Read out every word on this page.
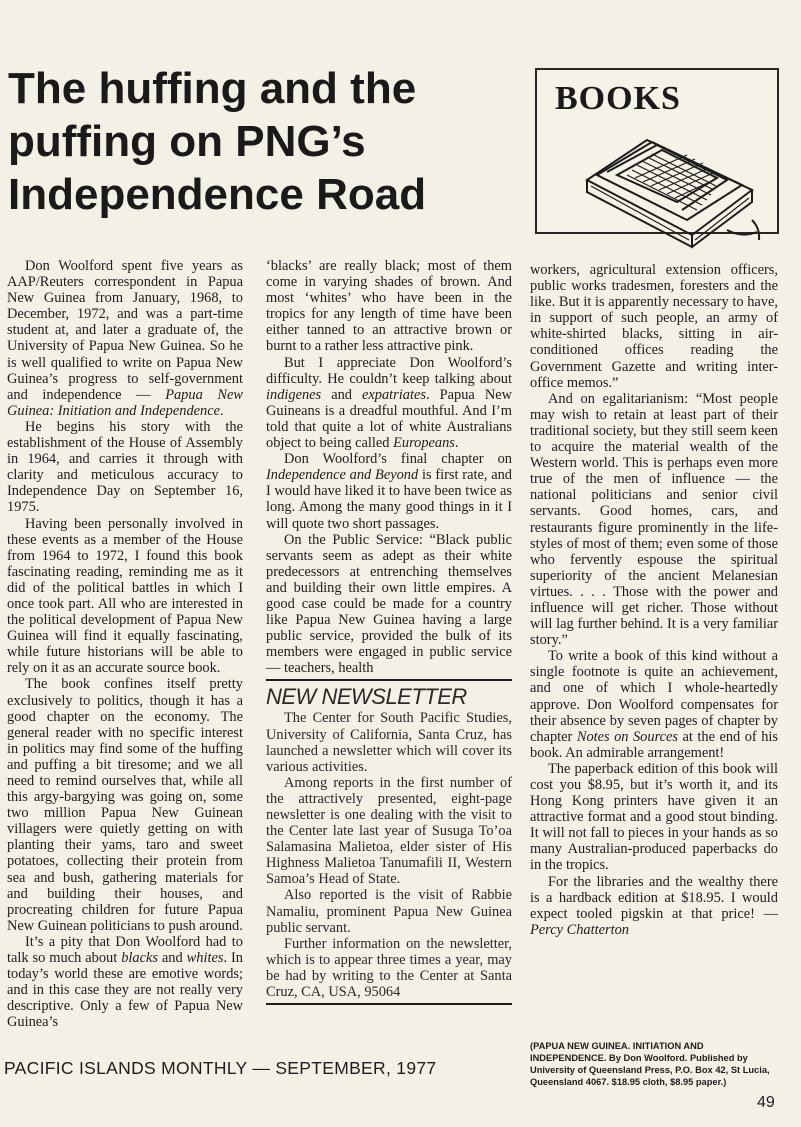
The huffing and the puffing on PNG’s Independence Road
BOOKS

Don Woolford spent five years as AAP/Reuters correspondent in Papua New Guinea from January, 1968, to December, 1972, and was a part-time student at, and later a graduate of, the University of Papua New Guinea. So he is well qualified to write on Papua New Guinea’s progress to self-government and independence — Papua New Guinea: Initiation and Independence.

He begins his story with the establishment of the House of Assembly in 1964, and carries it through with clarity and meticulous accuracy to Independence Day on September 16, 1975.

Having been personally involved in these events as a member of the House from 1964 to 1972, I found this book fascinating reading, reminding me as it did of the political battles in which I once took part. All who are interested in the political development of Papua New Guinea will find it equally fascinating, while future historians will be able to rely on it as an accurate source book.

The book confines itself pretty exclusively to politics, though it has a good chapter on the economy. The general reader with no specific interest in politics may find some of the huffing and puffing a bit tiresome; and we all need to remind ourselves that, while all this argy-bargying was going on, some two million Papua New Guinean villagers were quietly getting on with planting their yams, taro and sweet potatoes, collecting their protein from sea and bush, gathering materials for and building their houses, and procreating children for future Papua New Guinean politicians to push around.

It’s a pity that Don Woolford had to talk so much about blacks and whites. In today’s world these are emotive words; and in this case they are not really very descriptive. Only a few of Papua New Guinea’s

‘blacks’ are really black; most of them come in varying shades of brown. And most ‘whites’ who have been in the tropics for any length of time have been either tanned to an attractive brown or burnt to a rather less attractive pink.

But I appreciate Don Woolford’s difficulty. He couldn’t keep talking about indigenes and expatriates. Papua New Guineans is a dreadful mouthful. And I’m told that quite a lot of white Australians object to being called Europeans.

Don Woolford’s final chapter on Independence and Beyond is first rate, and I would have liked it to have been twice as long. Among the many good things in it I will quote two short passages.

On the Public Service: “Black public servants seem as adept as their white predecessors at entrenching themselves and building their own little empires. A good case could be made for a country like Papua New Guinea having a large public service, provided the bulk of its members were engaged in public service — teachers, health

NEW NEWSLETTER

The Center for South Pacific Studies, University of California, Santa Cruz, has launched a newsletter which will cover its various activities.

Among reports in the first number of the attractively presented, eight-page newsletter is one dealing with the visit to the Center late last year of Susuga To’oa Salamasina Malietoa, elder sister of His Highness Malietoa Tanumafili II, Western Samoa’s Head of State.

Also reported is the visit of Rabbie Namaliu, prominent Papua New Guinea public servant.

Further information on the newsletter, which is to appear three times a year, may be had by writing to the Center at Santa Cruz, CA, USA, 95064

workers, agricultural extension officers, public works tradesmen, foresters and the like. But it is apparently necessary to have, in support of such people, an army of white-shirted blacks, sitting in air-conditioned offices reading the Government Gazette and writing inter-office memos.”

And on egalitarianism: “Most people may wish to retain at least part of their traditional society, but they still seem keen to acquire the material wealth of the Western world. This is perhaps even more true of the men of influence — the national politicians and senior civil servants. Good homes, cars, and restaurants figure prominently in the life-styles of most of them; even some of those who fervently espouse the spiritual superiority of the ancient Melanesian virtues. . . . Those with the power and influence will get richer. Those without will lag further behind. It is a very familiar story.”

To write a book of this kind without a single footnote is quite an achievement, and one of which I whole-heartedly approve. Don Woolford compensates for their absence by seven pages of chapter by chapter Notes on Sources at the end of his book. An admirable arrangement!

The paperback edition of this book will cost you $8.95, but it’s worth it, and its Hong Kong printers have given it an attractive format and a good stout binding. It will not fall to pieces in your hands as so many Australian-produced paperbacks do in the tropics.

For the libraries and the wealthy there is a hardback edition at $18.95. I would expect tooled pigskin at that price! — Percy Chatterton

(PAPUA NEW GUINEA. INITIATION AND INDEPENDENCE. By Don Woolford. Published by University of Queensland Press, P.O. Box 42, St Lucia, Queensland 4067. $18.95 cloth, $8.95 paper.)
PACIFIC ISLANDS MONTHLY — SEPTEMBER, 1977
49
